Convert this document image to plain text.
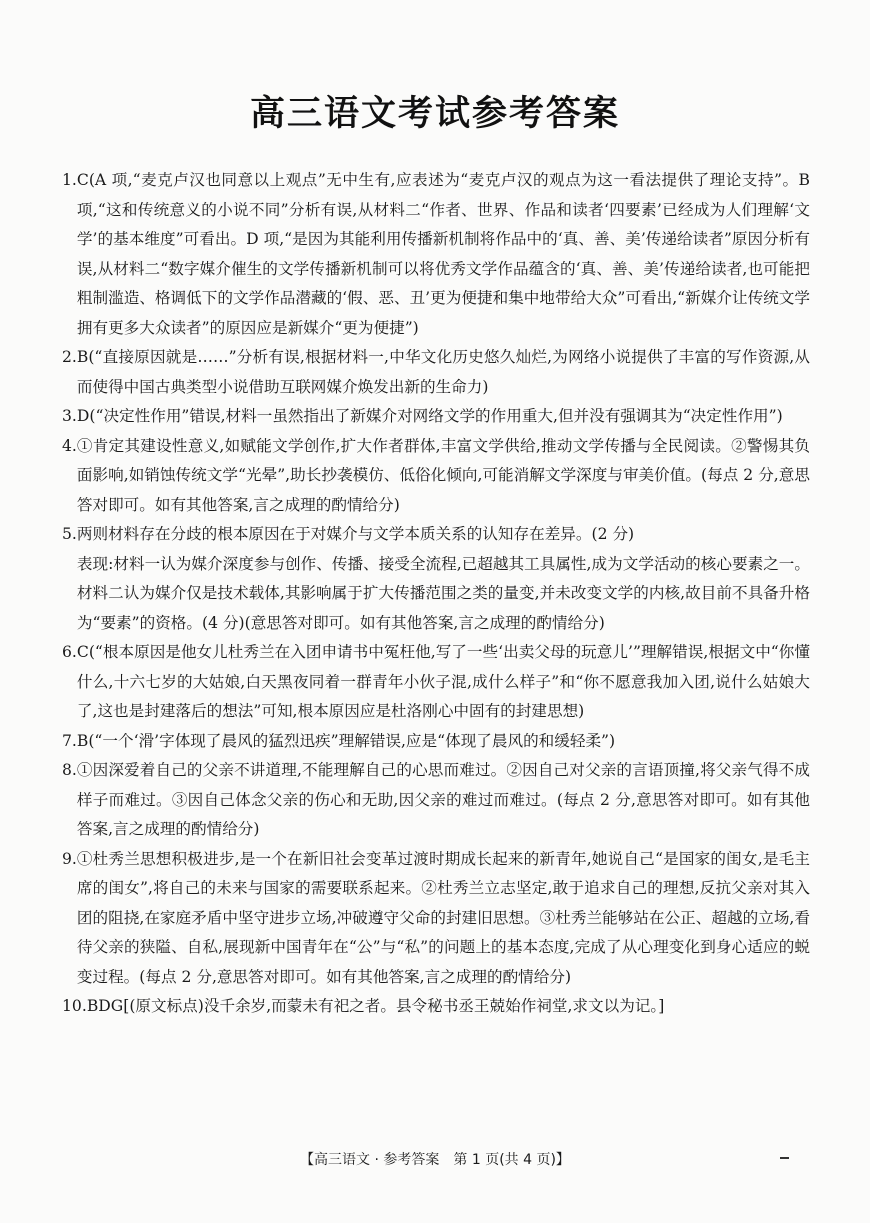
高三语文考试参考答案
1. C(A 项,“麦克卢汉也同意以上观点”无中生有,应表述为“麦克卢汉的观点为这一看法提供了理论支持”。B 项,“这和传统意义的小说不同”分析有误,从材料二“作者、世界、作品和读者‘四要素’已经成为人们理解‘文学’的基本维度”可看出。D 项,“是因为其能利用传播新机制将作品中的‘真、善、美’传递给读者”原因分析有误,从材料二“数字媒介催生的文学传播新机制可以将优秀文学作品蕴含的‘真、善、美’传递给读者,也可能把粗制滥造、格调低下的文学作品潜藏的‘假、恶、丑’更为便捷和集中地带给大众”可看出,“新媒介让传统文学拥有更多大众读者”的原因应是新媒介“更为便捷”)

2. B(“直接原因就是……”分析有误,根据材料一,中华文化历史悠久灿烂,为网络小说提供了丰富的写作资源,从而使得中国古典类型小说借助互联网媒介焕发出新的生命力)

3. D(“决定性作用”错误,材料一虽然指出了新媒介对网络文学的作用重大,但并没有强调其为“决定性作用”)

4. ①肯定其建设性意义,如赋能文学创作,扩大作者群体,丰富文学供给,推动文学传播与全民阅读。②警惕其负面影响,如销蚀传统文学“光晕”,助长抄袭模仿、低俗化倾向,可能消解文学深度与审美价值。(每点 2 分,意思答对即可。如有其他答案,言之成理的酌情给分)

5. 两则材料存在分歧的根本原因在于对媒介与文学本质关系的认知存在差异。(2 分)

表现:材料一认为媒介深度参与创作、传播、接受全流程,已超越其工具属性,成为文学活动的核心要素之一。材料二认为媒介仅是技术载体,其影响属于扩大传播范围之类的量变,并未改变文学的内核,故目前不具备升格为“要素”的资格。(4 分)(意思答对即可。如有其他答案,言之成理的酌情给分)

6. C(“根本原因是他女儿杜秀兰在入团申请书中冤枉他,写了一些‘出卖父母的玩意儿’”理解错误,根据文中“你懂什么,十六七岁的大姑娘,白天黑夜同着一群青年小伙子混,成什么样子”和“你不愿意我加入团,说什么姑娘大了,这也是封建落后的想法”可知,根本原因应是杜洛刚心中固有的封建思想)

7. B(“一个‘滑’字体现了晨风的猛烈迅疾”理解错误,应是“体现了晨风的和缓轻柔”)

8. ①因深爱着自己的父亲不讲道理,不能理解自己的心思而难过。②因自己对父亲的言语顶撞,将父亲气得不成样子而难过。③因自己体念父亲的伤心和无助,因父亲的难过而难过。(每点 2 分,意思答对即可。如有其他答案,言之成理的酌情给分)

9. ①杜秀兰思想积极进步,是一个在新旧社会变革过渡时期成长起来的新青年,她说自己“是国家的闺女,是毛主席的闺女”,将自己的未来与国家的需要联系起来。②杜秀兰立志坚定,敢于追求自己的理想,反抗父亲对其入团的阻挠,在家庭矛盾中坚守进步立场,冲破遵守父命的封建旧思想。③杜秀兰能够站在公正、超越的立场,看待父亲的狭隘、自私,展现新中国青年在“公”与“私”的问题上的基本态度,完成了从心理变化到身心适应的蜕变过程。(每点 2 分,意思答对即可。如有其他答案,言之成理的酌情给分)

10. BDG[(原文标点)没千余岁,而蒙未有祀之者。县令秘书丞王兢始作祠堂,求文以为记。]

【高三语文 · 参考答案　第 1 页(共 4 页)】
